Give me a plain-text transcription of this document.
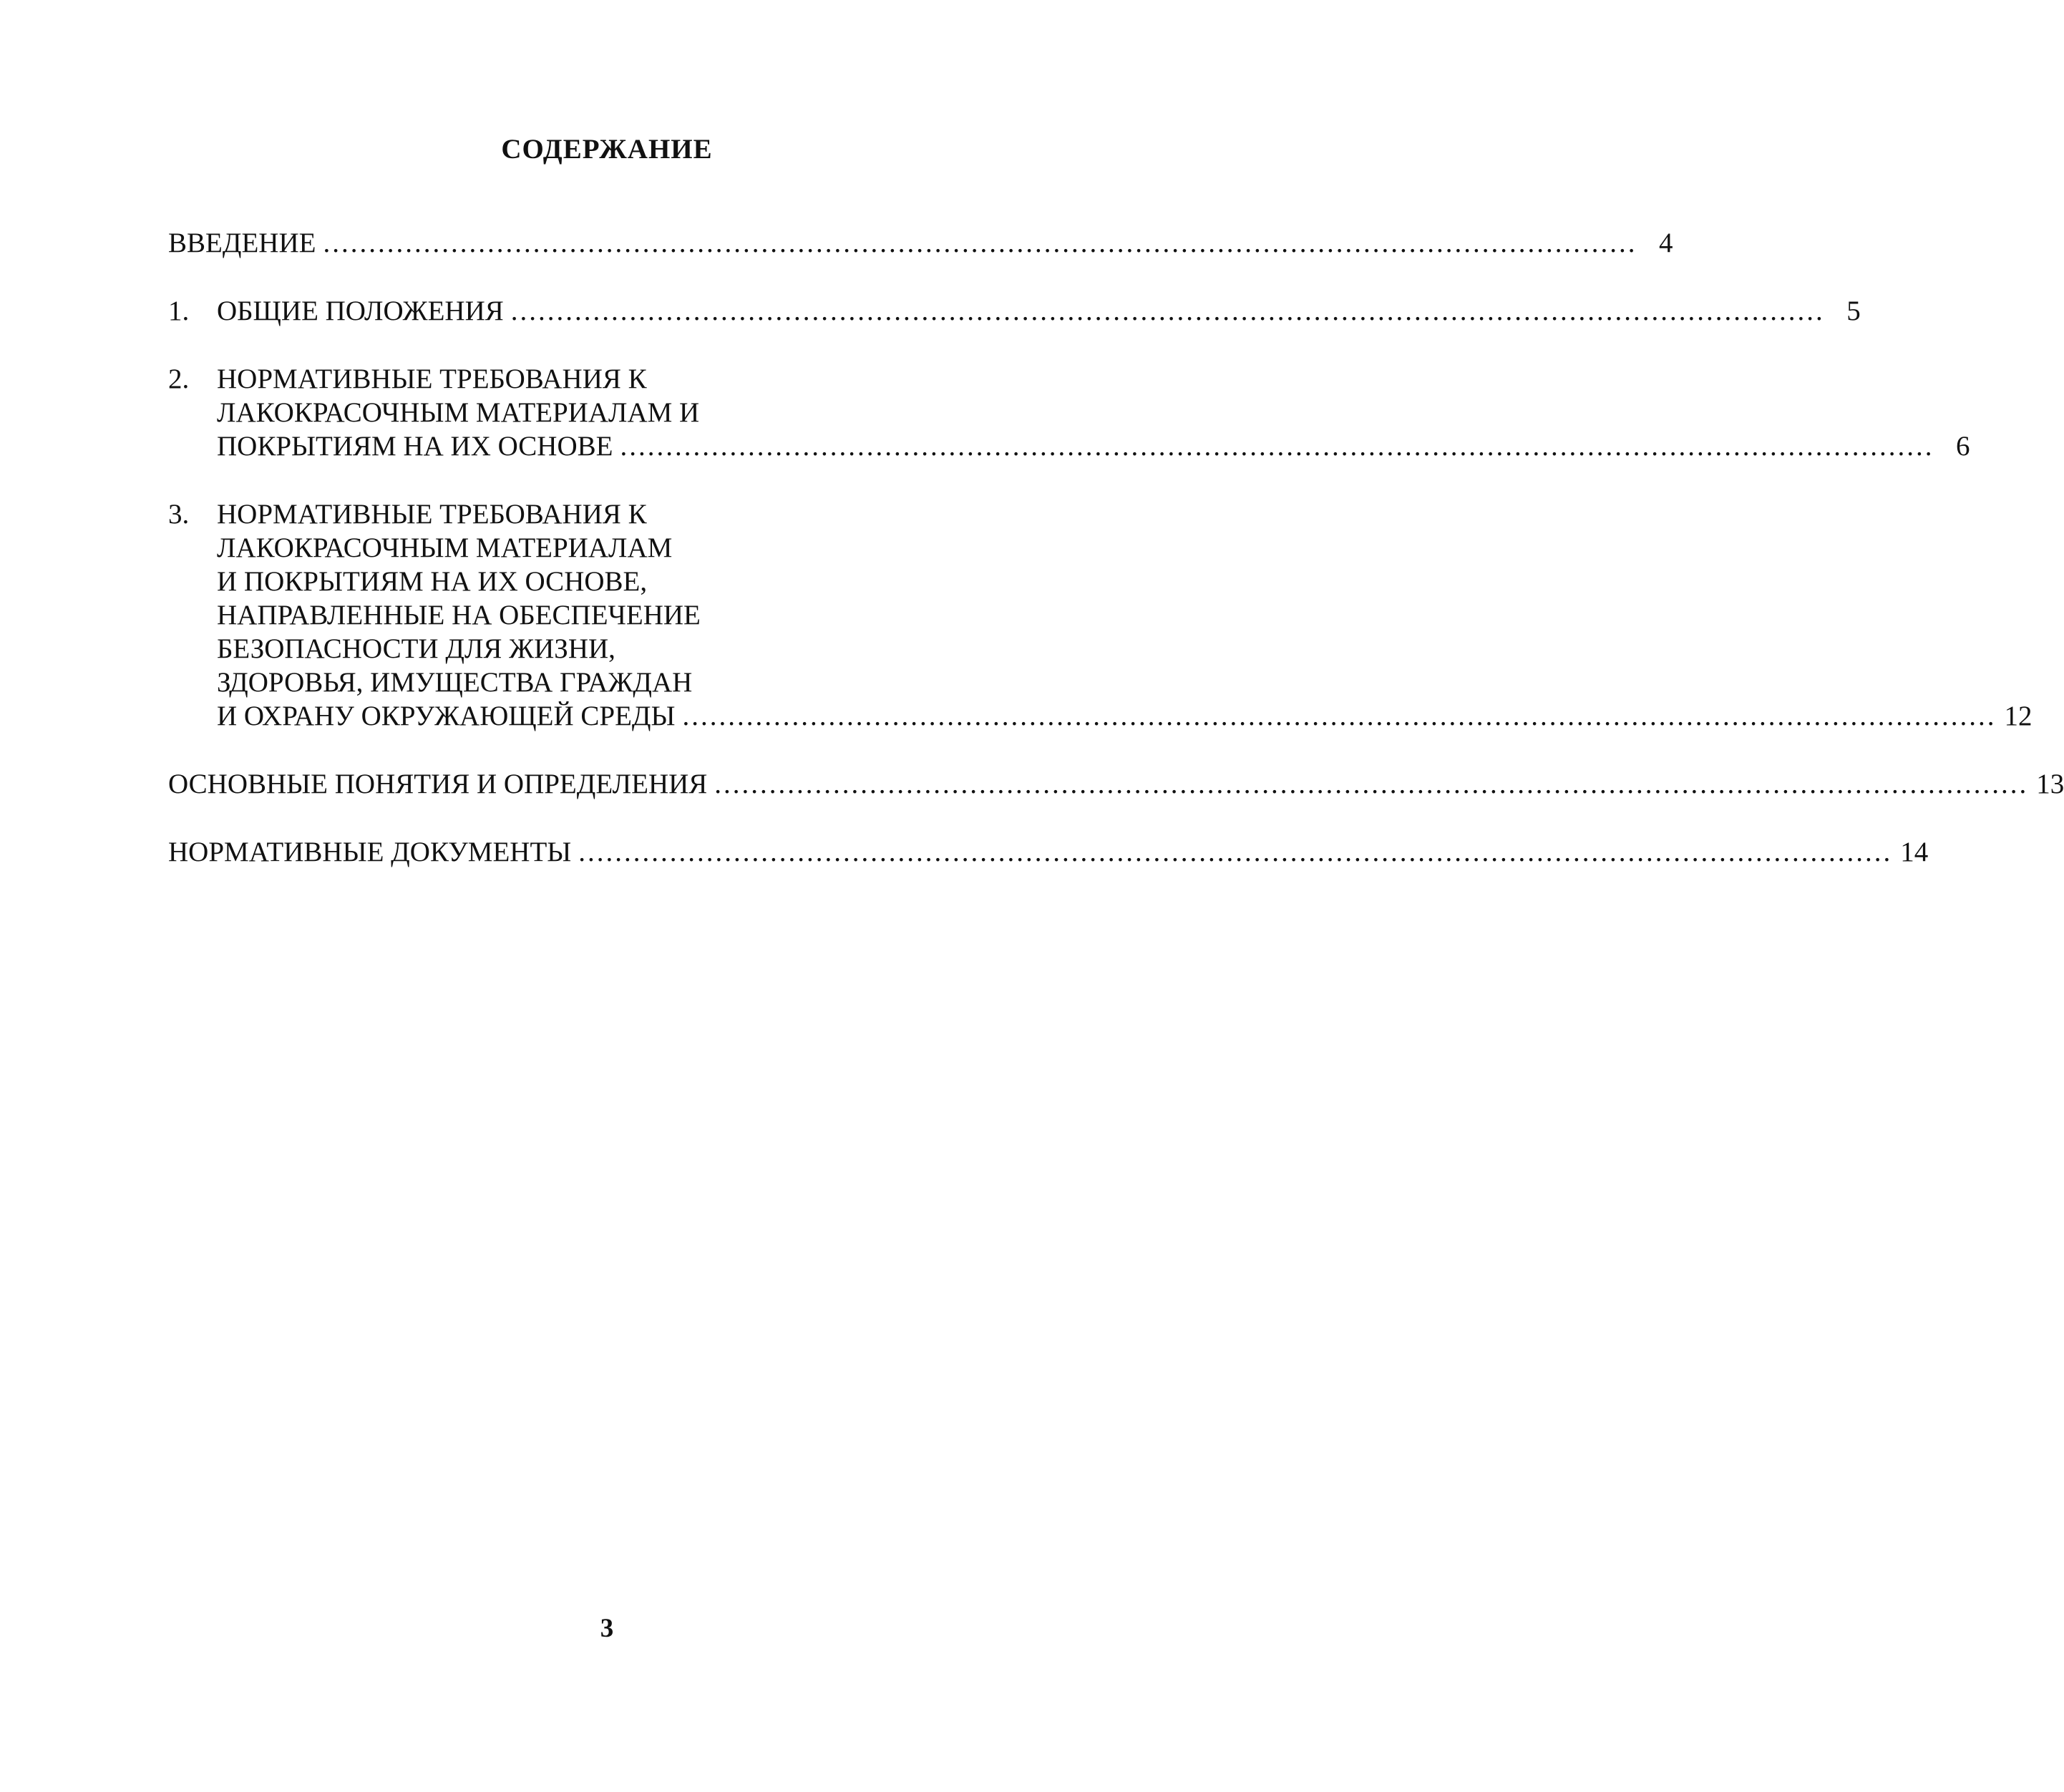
СОДЕРЖАНИЕ
ВВЕДЕНИЕ ................................................................................................................................................ 4
1. ОБЩИЕ ПОЛОЖЕНИЯ ................................................................................................................................................ 5
2. НОРМАТИВНЫЕ ТРЕБОВАНИЯ К
ЛАКОКРАСОЧНЫМ МАТЕРИАЛАМ И
ПОКРЫТИЯМ НА ИХ ОСНОВЕ ................................................................................................................................................ 6
3. НОРМАТИВНЫЕ ТРЕБОВАНИЯ К
ЛАКОКРАСОЧНЫМ МАТЕРИАЛАМ
И ПОКРЫТИЯМ НА ИХ ОСНОВЕ,
НАПРАВЛЕННЫЕ НА ОБЕСПЕЧЕНИЕ
БЕЗОПАСНОСТИ ДЛЯ ЖИЗНИ,
ЗДОРОВЬЯ, ИМУЩЕСТВА ГРАЖДАН
И ОХРАНУ ОКРУЖАЮЩЕЙ СРЕДЫ ................................................................................................................................................ 12
ОСНОВНЫЕ ПОНЯТИЯ И ОПРЕДЕЛЕНИЯ ................................................................................................................................................ 13
НОРМАТИВНЫЕ ДОКУМЕНТЫ ................................................................................................................................................ 14
3
